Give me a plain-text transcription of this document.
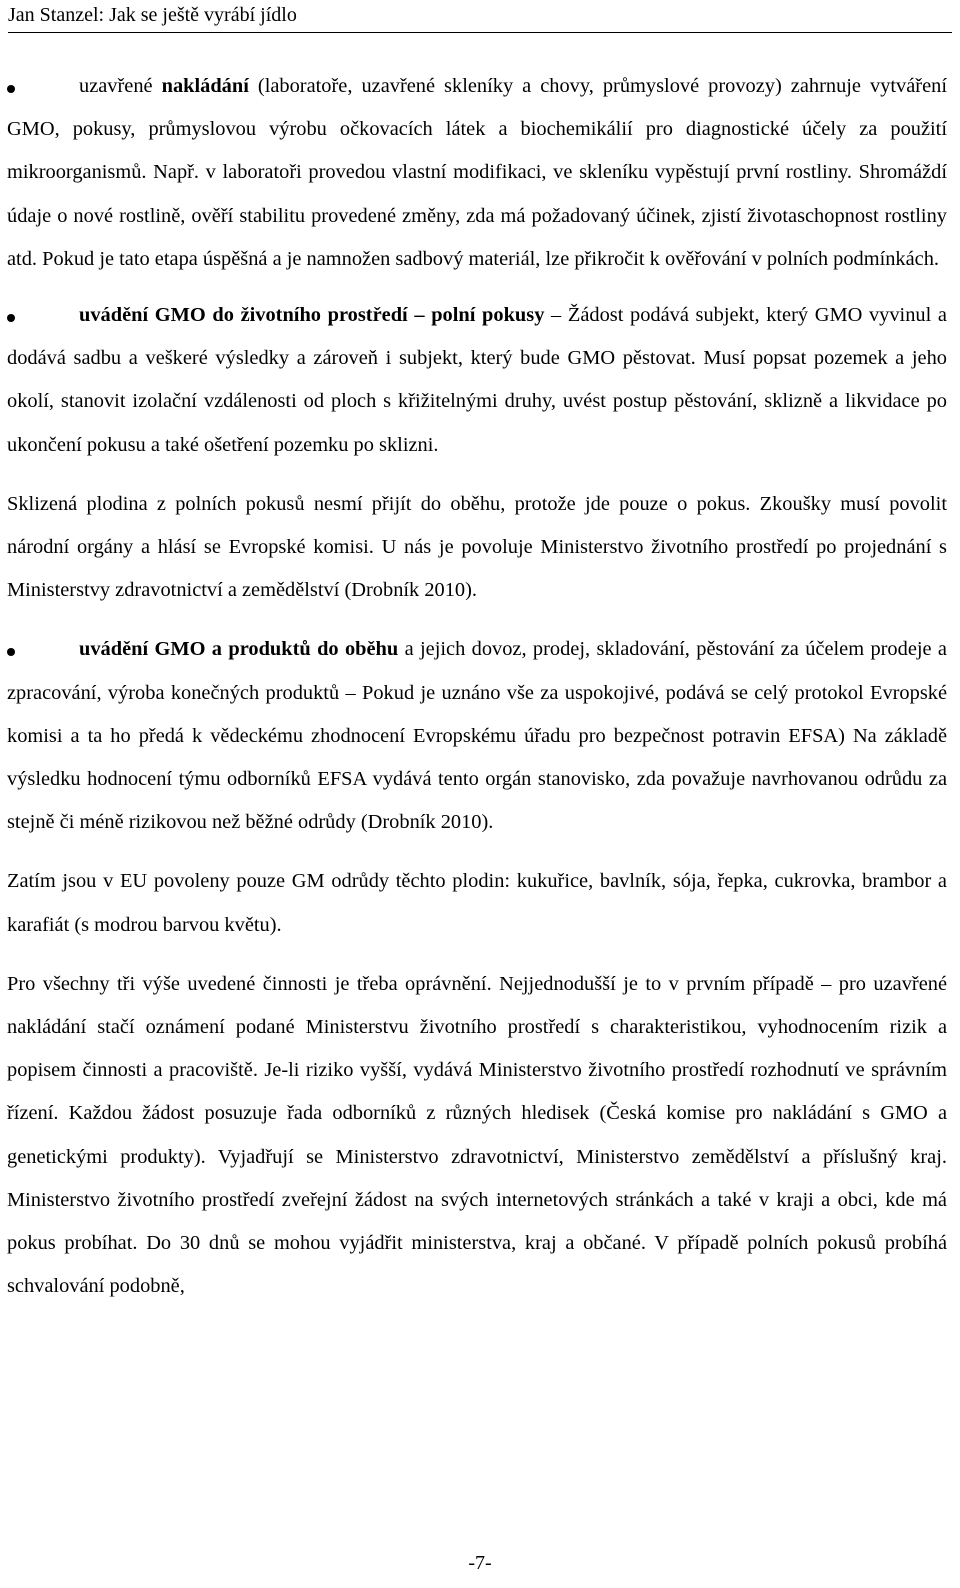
Jan Stanzel: Jak se ještě vyrábí jídlo

uzavřené nakládání (laboratoře, uzavřené skleníky a chovy, průmyslové provozy) zahrnuje vytváření GMO, pokusy, průmyslovou výrobu očkovacích látek a biochemikálií pro diagnostické účely za použití mikroorganismů. Např. v laboratoři provedou vlastní modifikaci, ve skleníku vypěstují první rostliny. Shromáždí údaje o nové rostlině, ověří stabilitu provedené změny, zda má požadovaný účinek, zjistí životaschopnost rostliny atd. Pokud je tato etapa úspěšná a je namnožen sadbový materiál, lze přikročit k ověřování v polních podmínkách.

uvádění GMO do životního prostředí – polní pokusy – Žádost podává subjekt, který GMO vyvinul a dodává sadbu a veškeré výsledky a zároveň i subjekt, který bude GMO pěstovat. Musí popsat pozemek a jeho okolí, stanovit izolační vzdálenosti od ploch s křižitelnými druhy, uvést postup pěstování, sklizně a likvidace po ukončení pokusu a také ošetření pozemku po sklizni.

Sklizená plodina z polních pokusů nesmí přijít do oběhu, protože jde pouze o pokus. Zkoušky musí povolit národní orgány a hlásí se Evropské komisi. U nás je povoluje Ministerstvo životního prostředí po projednání s Ministerstvy zdravotnictví a zemědělství (Drobník 2010).

uvádění GMO a produktů do oběhu a jejich dovoz, prodej, skladování, pěstování za účelem prodeje a zpracování, výroba konečných produktů – Pokud je uznáno vše za uspokojivé, podává se celý protokol Evropské komisi a ta ho předá k vědeckému zhodnocení Evropskému úřadu pro bezpečnost potravin EFSA) Na základě výsledku hodnocení týmu odborníků EFSA vydává tento orgán stanovisko, zda považuje navrhovanou odrůdu za stejně či méně rizikovou než běžné odrůdy (Drobník 2010).

Zatím jsou v EU povoleny pouze GM odrůdy těchto plodin: kukuřice, bavlník, sója, řepka, cukrovka, brambor a karafiát (s modrou barvou květu).

Pro všechny tři výše uvedené činnosti je třeba oprávnění. Nejjednodušší je to v prvním případě – pro uzavřené nakládání stačí oznámení podané Ministerstvu životního prostředí s charakteristikou, vyhodnocením rizik a popisem činnosti a pracoviště. Je-li riziko vyšší, vydává Ministerstvo životního prostředí rozhodnutí ve správním řízení. Každou žádost posuzuje řada odborníků z různých hledisek (Česká komise pro nakládání s GMO a genetickými produkty). Vyjadřují se Ministerstvo zdravotnictví, Ministerstvo zemědělství a příslušný kraj. Ministerstvo životního prostředí zveřejní žádost na svých internetových stránkách a také v kraji a obci, kde má pokus probíhat. Do 30 dnů se mohou vyjádřit ministerstva, kraj a občané. V případě polních pokusů probíhá schvalování podobně,

-7-
